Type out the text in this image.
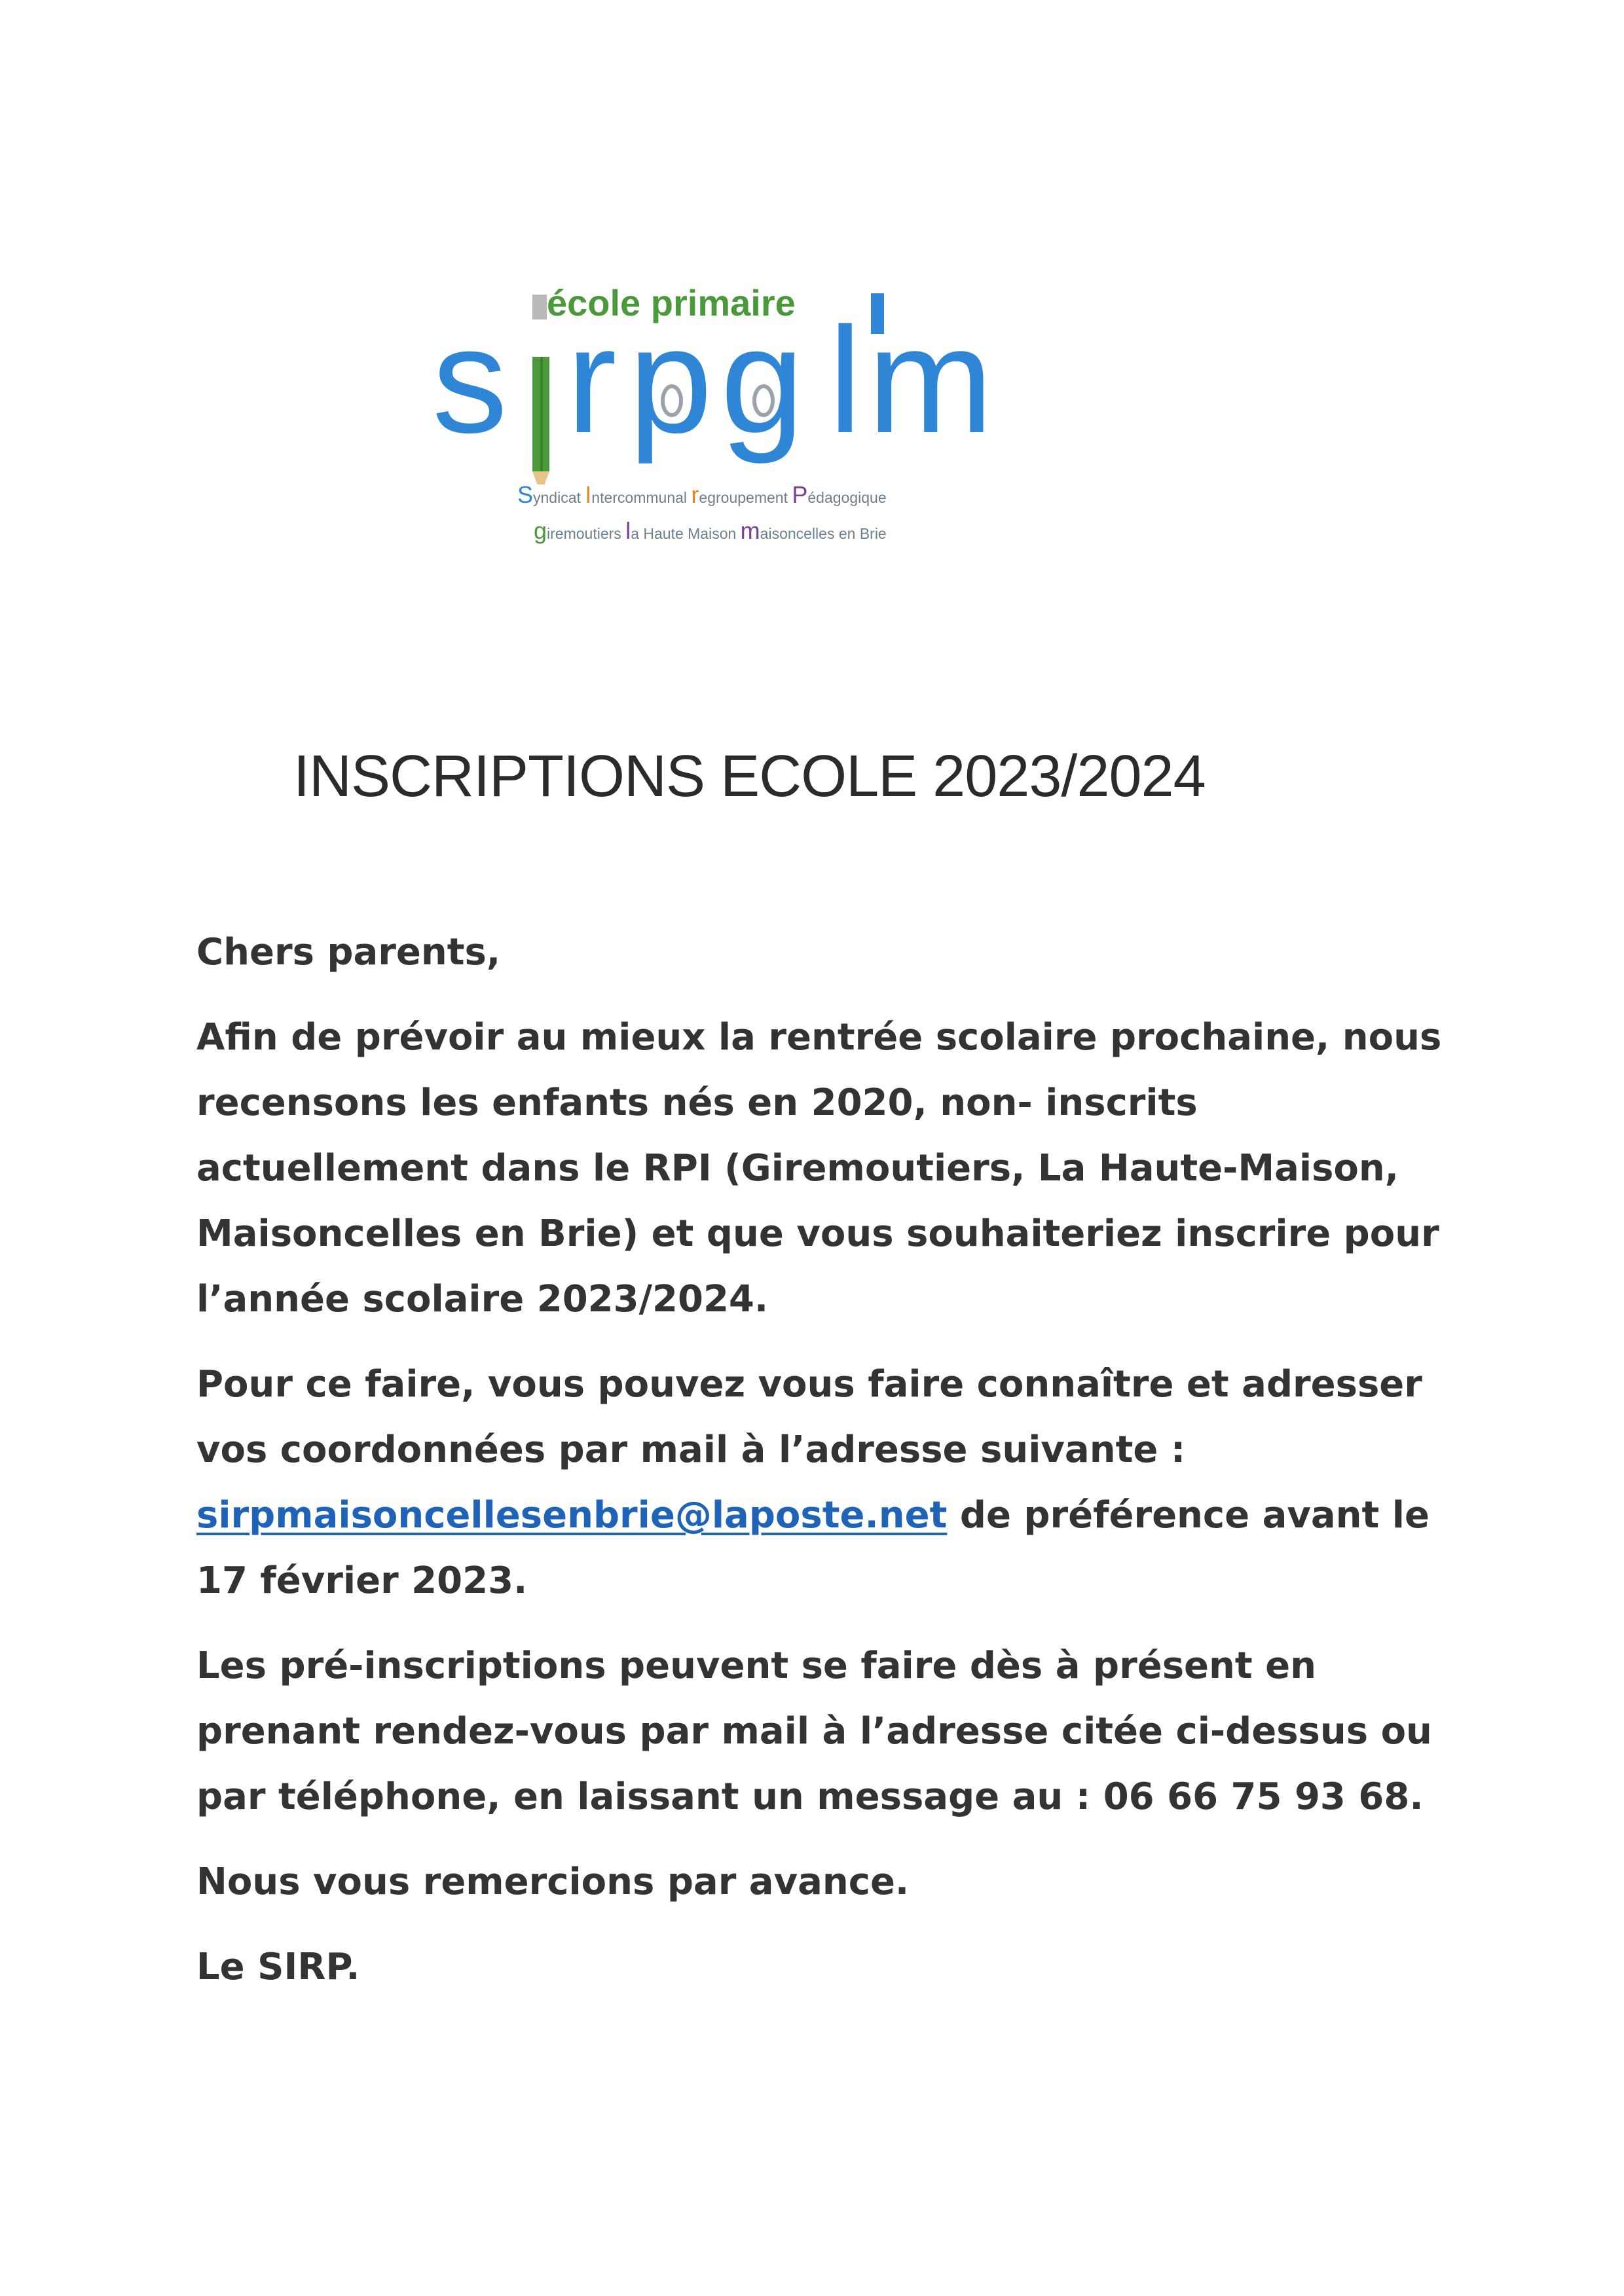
école primaire
s r p g l m
Syndicat Intercommunal regroupement Pédagogique
giremoutiers la Haute Maison maisoncelles en Brie
INSCRIPTIONS ECOLE 2023/2024

Chers parents,

Afin de prévoir au mieux la rentrée scolaire prochaine, nous
recensons les enfants nés en 2020, non- inscrits
actuellement dans le RPI (Giremoutiers, La Haute-Maison,
Maisoncelles en Brie) et que vous souhaiteriez inscrire pour
l’année scolaire 2023/2024.

Pour ce faire, vous pouvez vous faire connaître et adresser
vos coordonnées par mail à l’adresse suivante :
sirpmaisoncellesenbrie@laposte.net de préférence avant le
17 février 2023.

Les pré-inscriptions peuvent se faire dès à présent en
prenant rendez-vous par mail à l’adresse citée ci-dessus ou
par téléphone, en laissant un message au : 06 66 75 93 68.

Nous vous remercions par avance.

Le SIRP.
